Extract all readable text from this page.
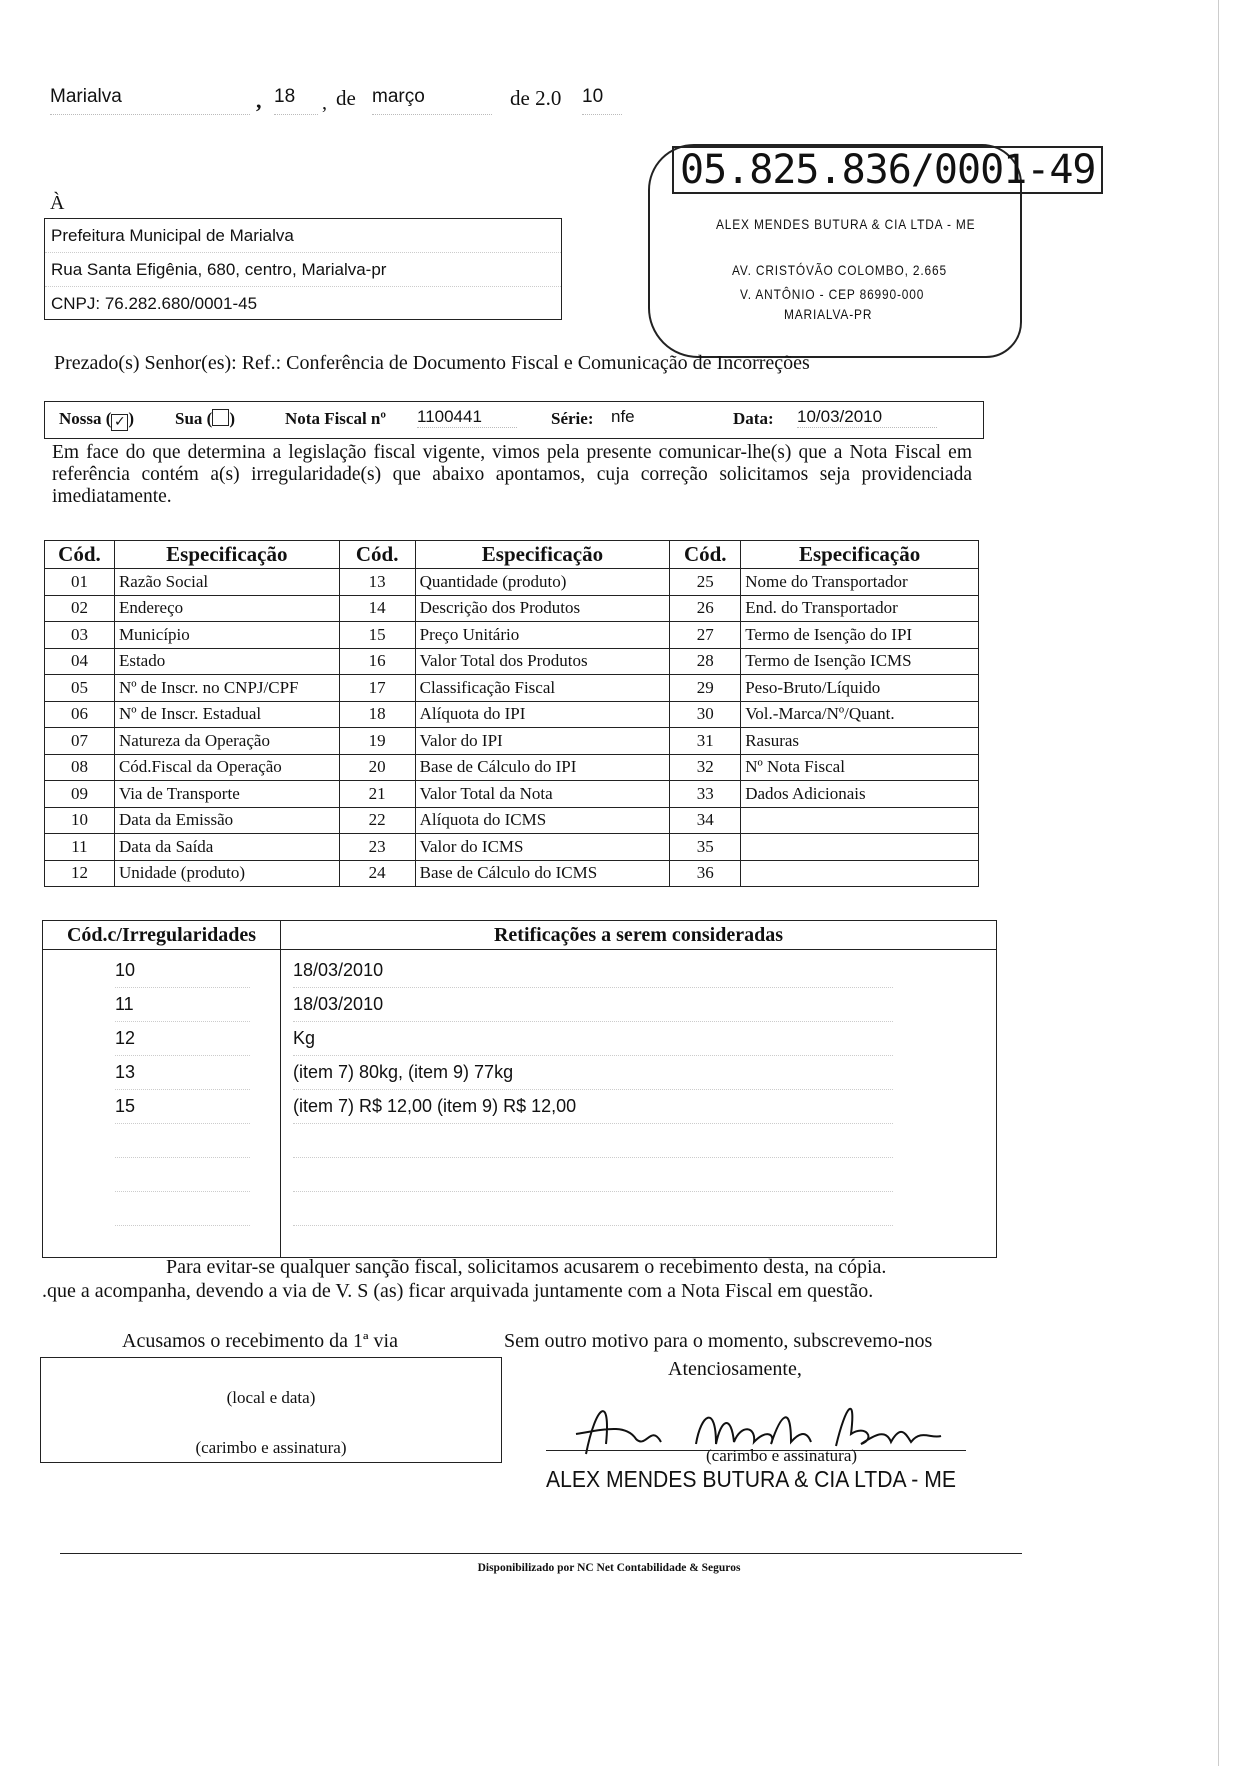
Marialva	, 18	, de março	de 2.0 10
05.825.836/0001-49
ALEX MENDES BUTURA & CIA LTDA - ME
AV. CRISTÓVÃO COLOMBO, 2.665
V. ANTÔNIO - CEP 86990-000
MARIALVA-PR
À
Prefeitura Municipal de Marialva
Rua Santa Efigênia, 680, centro, Marialva-pr
CNPJ: 76.282.680/0001-45
Prezado(s) Senhor(es): Ref.: Conferência de Documento Fiscal e Comunicação de Incorreções
Nossa ( ✓ ) Sua ( )	Nota Fiscal nº 1100441	Série: nfe	Data: 10/03/2010
Em face do que determina a legislação fiscal vigente, vimos pela presente comunicar-lhe(s) que a Nota Fiscal em referência contém a(s) irregularidade(s) que abaixo apontamos, cuja correção solicitamos seja providenciada imediatamente.
Cód.	Especificação	Cód.	Especificação	Cód.	Especificação
01	Razão Social	13	Quantidade (produto)	25	Nome do Transportador
02	Endereço	14	Descrição dos Produtos	26	End. do Transportador
03	Município	15	Preço Unitário	27	Termo de Isenção do IPI
04	Estado	16	Valor Total dos Produtos	28	Termo de Isenção ICMS
05	Nº de Inscr. no CNPJ/CPF	17	Classificação Fiscal	29	Peso-Bruto/Líquido
06	Nº de Inscr. Estadual	18	Alíquota do IPI	30	Vol.-Marca/Nº/Quant.
07	Natureza da Operação	19	Valor do IPI	31	Rasuras
08	Cód.Fiscal da Operação	20	Base de Cálculo do IPI	32	Nº Nota Fiscal
09	Via de Transporte	21	Valor Total da Nota	33	Dados Adicionais
10	Data da Emissão	22	Alíquota do ICMS	34	
11	Data da Saída	23	Valor do ICMS	35	
12	Unidade (produto)	24	Base de Cálculo do ICMS	36	
Cód.c/Irregularidades	Retificações a serem consideradas
10	18/03/2010
11	18/03/2010
12	Kg
13	(item 7) 80kg, (item 9) 77kg
15	(item 7) R$ 12,00 (item 9) R$ 12,00
Para evitar-se qualquer sanção fiscal, solicitamos acusarem o recebimento desta, na cópia.
.que a acompanha, devendo a via de V. S (as) ficar arquivada juntamente com a Nota Fiscal em questão.
Acusamos o recebimento da 1ª via
(local e data)
(carimbo e assinatura)
Sem outro motivo para o momento, subscrevemo-nos
Atenciosamente,
(carimbo e assinatura)
ALEX MENDES BUTURA & CIA LTDA - ME
Disponibilizado por NC Net Contabilidade & Seguros
